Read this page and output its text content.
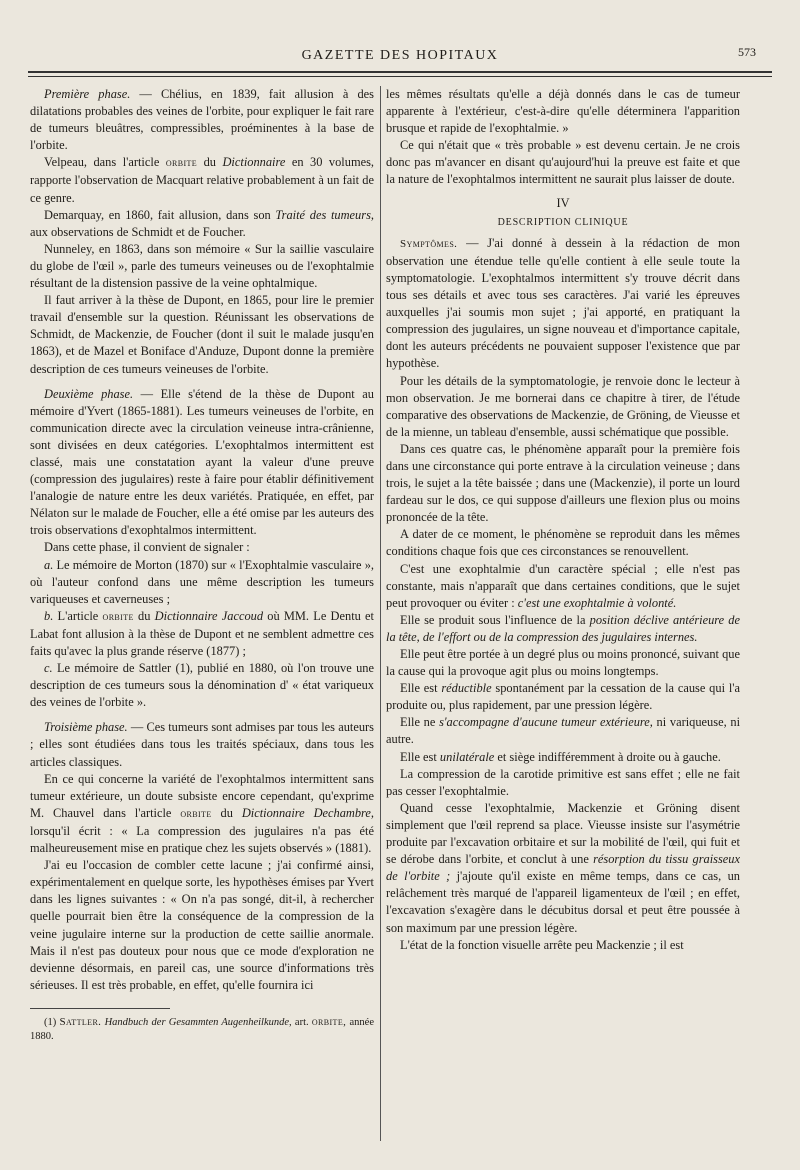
GAZETTE DES HOPITAUX	573

Première phase. — Chélius, en 1839, fait allusion à des dilatations probables des veines de l'orbite, pour expliquer le fait rare de tumeurs bleuâtres, compressibles, proéminentes à la base de l'orbite.

Velpeau, dans l'article orbite du Dictionnaire en 30 volumes, rapporte l'observation de Macquart relative probablement à un fait de ce genre.

Demarquay, en 1860, fait allusion, dans son Traité des tumeurs, aux observations de Schmidt et de Foucher.

Nunneley, en 1863, dans son mémoire « Sur la saillie vasculaire du globe de l'œil », parle des tumeurs veineuses ou de l'exophtalmie résultant de la distension passive de la veine ophtalmique.

Il faut arriver à la thèse de Dupont, en 1865, pour lire le premier travail d'ensemble sur la question. Réunissant les observations de Schmidt, de Mackenzie, de Foucher (dont il suit le malade jusqu'en 1863), et de Mazel et Boniface d'Anduze, Dupont donne la première description de ces tumeurs veineuses de l'orbite.

Deuxième phase. — Elle s'étend de la thèse de Dupont au mémoire d'Yvert (1865-1881). Les tumeurs veineuses de l'orbite, en communication directe avec la circulation veineuse intra-crânienne, sont divisées en deux catégories. L'exophtalmos intermittent est classé, mais une constatation ayant la valeur d'une preuve (compression des jugulaires) reste à faire pour établir définitivement l'analogie de nature entre les deux variétés. Pratiquée, en effet, par Nélaton sur le malade de Foucher, elle a été omise par les auteurs des trois observations d'exophtalmos intermittent.

Dans cette phase, il convient de signaler :

a. Le mémoire de Morton (1870) sur « l'Exophtalmie vasculaire », où l'auteur confond dans une même description les tumeurs variqueuses et caverneuses ;

b. L'article orbite du Dictionnaire Jaccoud où MM. Le Dentu et Labat font allusion à la thèse de Dupont et ne semblent admettre ces faits qu'avec la plus grande réserve (1877) ;

c. Le mémoire de Sattler (1), publié en 1880, où l'on trouve une description de ces tumeurs sous la dénomination d' « état variqueux des veines de l'orbite ».

Troisième phase. — Ces tumeurs sont admises par tous les auteurs ; elles sont étudiées dans tous les traités spéciaux, dans tous les articles classiques.

En ce qui concerne la variété de l'exophtalmos intermittent sans tumeur extérieure, un doute subsiste encore cependant, qu'exprime M. Chauvel dans l'article orbite du Dictionnaire Dechambre, lorsqu'il écrit : « La compression des jugulaires n'a pas été malheureusement mise en pratique chez les sujets observés » (1881).

J'ai eu l'occasion de combler cette lacune ; j'ai confirmé ainsi, expérimentalement en quelque sorte, les hypothèses émises par Yvert dans les lignes suivantes : « On n'a pas songé, dit-il, à rechercher quelle pourrait bien être la conséquence de la compression de la veine jugulaire interne sur la production de cette saillie anormale. Mais il n'est pas douteux pour nous que ce mode d'exploration ne devienne désormais, en pareil cas, une source d'informations très sérieuses. Il est très probable, en effet, qu'elle fournira ici

(1) Sattler. Handbuch der Gesammten Augenheilkunde, art. orbite, année 1880.

les mêmes résultats qu'elle a déjà donnés dans le cas de tumeur apparente à l'extérieur, c'est-à-dire qu'elle déterminera l'apparition brusque et rapide de l'exophtalmie. »

Ce qui n'était que « très probable » est devenu certain. Je ne crois donc pas m'avancer en disant qu'aujourd'hui la preuve est faite et que la nature de l'exophtalmos intermittent ne saurait plus laisser de doute.

IV

DESCRIPTION CLINIQUE

Symptômes. — J'ai donné à dessein à la rédaction de mon observation une étendue telle qu'elle contient à elle seule toute la symptomatologie. L'exophtalmos intermittent s'y trouve décrit dans tous ses détails et avec tous ses caractères. J'ai varié les épreuves auxquelles j'ai soumis mon sujet ; j'ai apporté, en pratiquant la compression des jugulaires, un signe nouveau et d'importance capitale, dont les auteurs précédents ne pouvaient supposer l'existence que par hypothèse.

Pour les détails de la symptomatologie, je renvoie donc le lecteur à mon observation. Je me bornerai dans ce chapitre à tirer, de l'étude comparative des observations de Mackenzie, de Gröning, de Vieusse et de la mienne, un tableau d'ensemble, aussi schématique que possible.

Dans ces quatre cas, le phénomène apparaît pour la première fois dans une circonstance qui porte entrave à la circulation veineuse ; dans trois, le sujet a la tête baissée ; dans une (Mackenzie), il porte un lourd fardeau sur le dos, ce qui suppose d'ailleurs une flexion plus ou moins prononcée de la tête.

A dater de ce moment, le phénomène se reproduit dans les mêmes conditions chaque fois que ces circonstances se renouvellent.

C'est une exophtalmie d'un caractère spécial ; elle n'est pas constante, mais n'apparaît que dans certaines conditions, que le sujet peut provoquer ou éviter : c'est une exophtalmie à volonté.

Elle se produit sous l'influence de la position déclive antérieure de la tête, de l'effort ou de la compression des jugulaires internes.

Elle peut être portée à un degré plus ou moins prononcé, suivant que la cause qui la provoque agit plus ou moins longtemps.

Elle est réductible spontanément par la cessation de la cause qui l'a produite ou, plus rapidement, par une pression légère.

Elle ne s'accompagne d'aucune tumeur extérieure, ni variqueuse, ni autre.

Elle est unilatérale et siège indifféremment à droite ou à gauche.

La compression de la carotide primitive est sans effet ; elle ne fait pas cesser l'exophtalmie.

Quand cesse l'exophtalmie, Mackenzie et Gröning disent simplement que l'œil reprend sa place. Vieusse insiste sur l'asymétrie produite par l'excavation orbitaire et sur la mobilité de l'œil, qui fuit et se dérobe dans l'orbite, et conclut à une résorption du tissu graisseux de l'orbite ; j'ajoute qu'il existe en même temps, dans ce cas, un relâchement très marqué de l'appareil ligamenteux de l'œil ; en effet, l'excavation s'exagère dans le décubitus dorsal et peut être poussée à son maximum par une pression légère.

L'état de la fonction visuelle arrête peu Mackenzie ; il est
